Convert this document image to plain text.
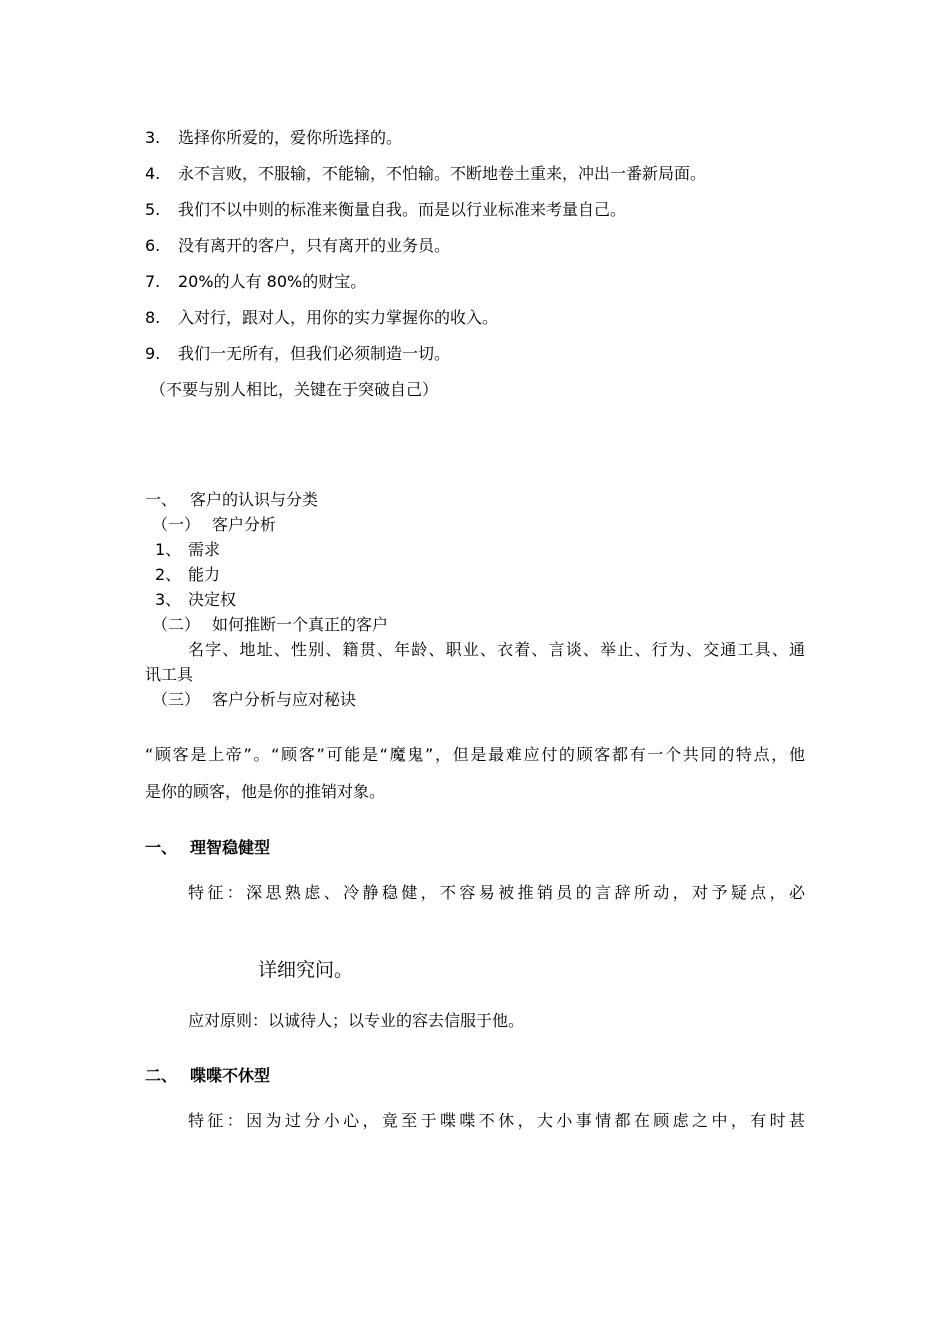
3. 选择你所爱的，爱你所选择的。
4. 永不言败，不服输，不能输，不怕输。不断地卷土重来，冲出一番新局面。
5. 我们不以中则的标准来衡量自我。而是以行业标准来考量自己。
6. 没有离开的客户，只有离开的业务员。
7. 20%的人有 80%的财宝。
8. 入对行，跟对人，用你的实力掌握你的收入。
9. 我们一无所有，但我们必须制造一切。
（不要与别人相比，关键在于突破自己）
一、 客户的认识与分类
（一） 客户分析
1、 需求
2、 能力
3、 决定权
（二） 如何推断一个真正的客户
名字、地址、性别、籍贯、年龄、职业、衣着、言谈、举止、行为、交通工具、通
讯工具
（三） 客户分析与应对秘诀
“顾客是上帝”。“顾客”可能是“魔鬼”，但是最难应付的顾客都有一个共同的特点，他
是你的顾客，他是你的推销对象。
一、 理智稳健型
特征：深思熟虑、冷静稳健，不容易被推销员的言辞所动，对予疑点，必
详细究问。
应对原则：以诚待人；以专业的容去信服于他。
二、 喋喋不休型
特征：因为过分小心，竟至于喋喋不休，大小事情都在顾虑之中，有时甚
